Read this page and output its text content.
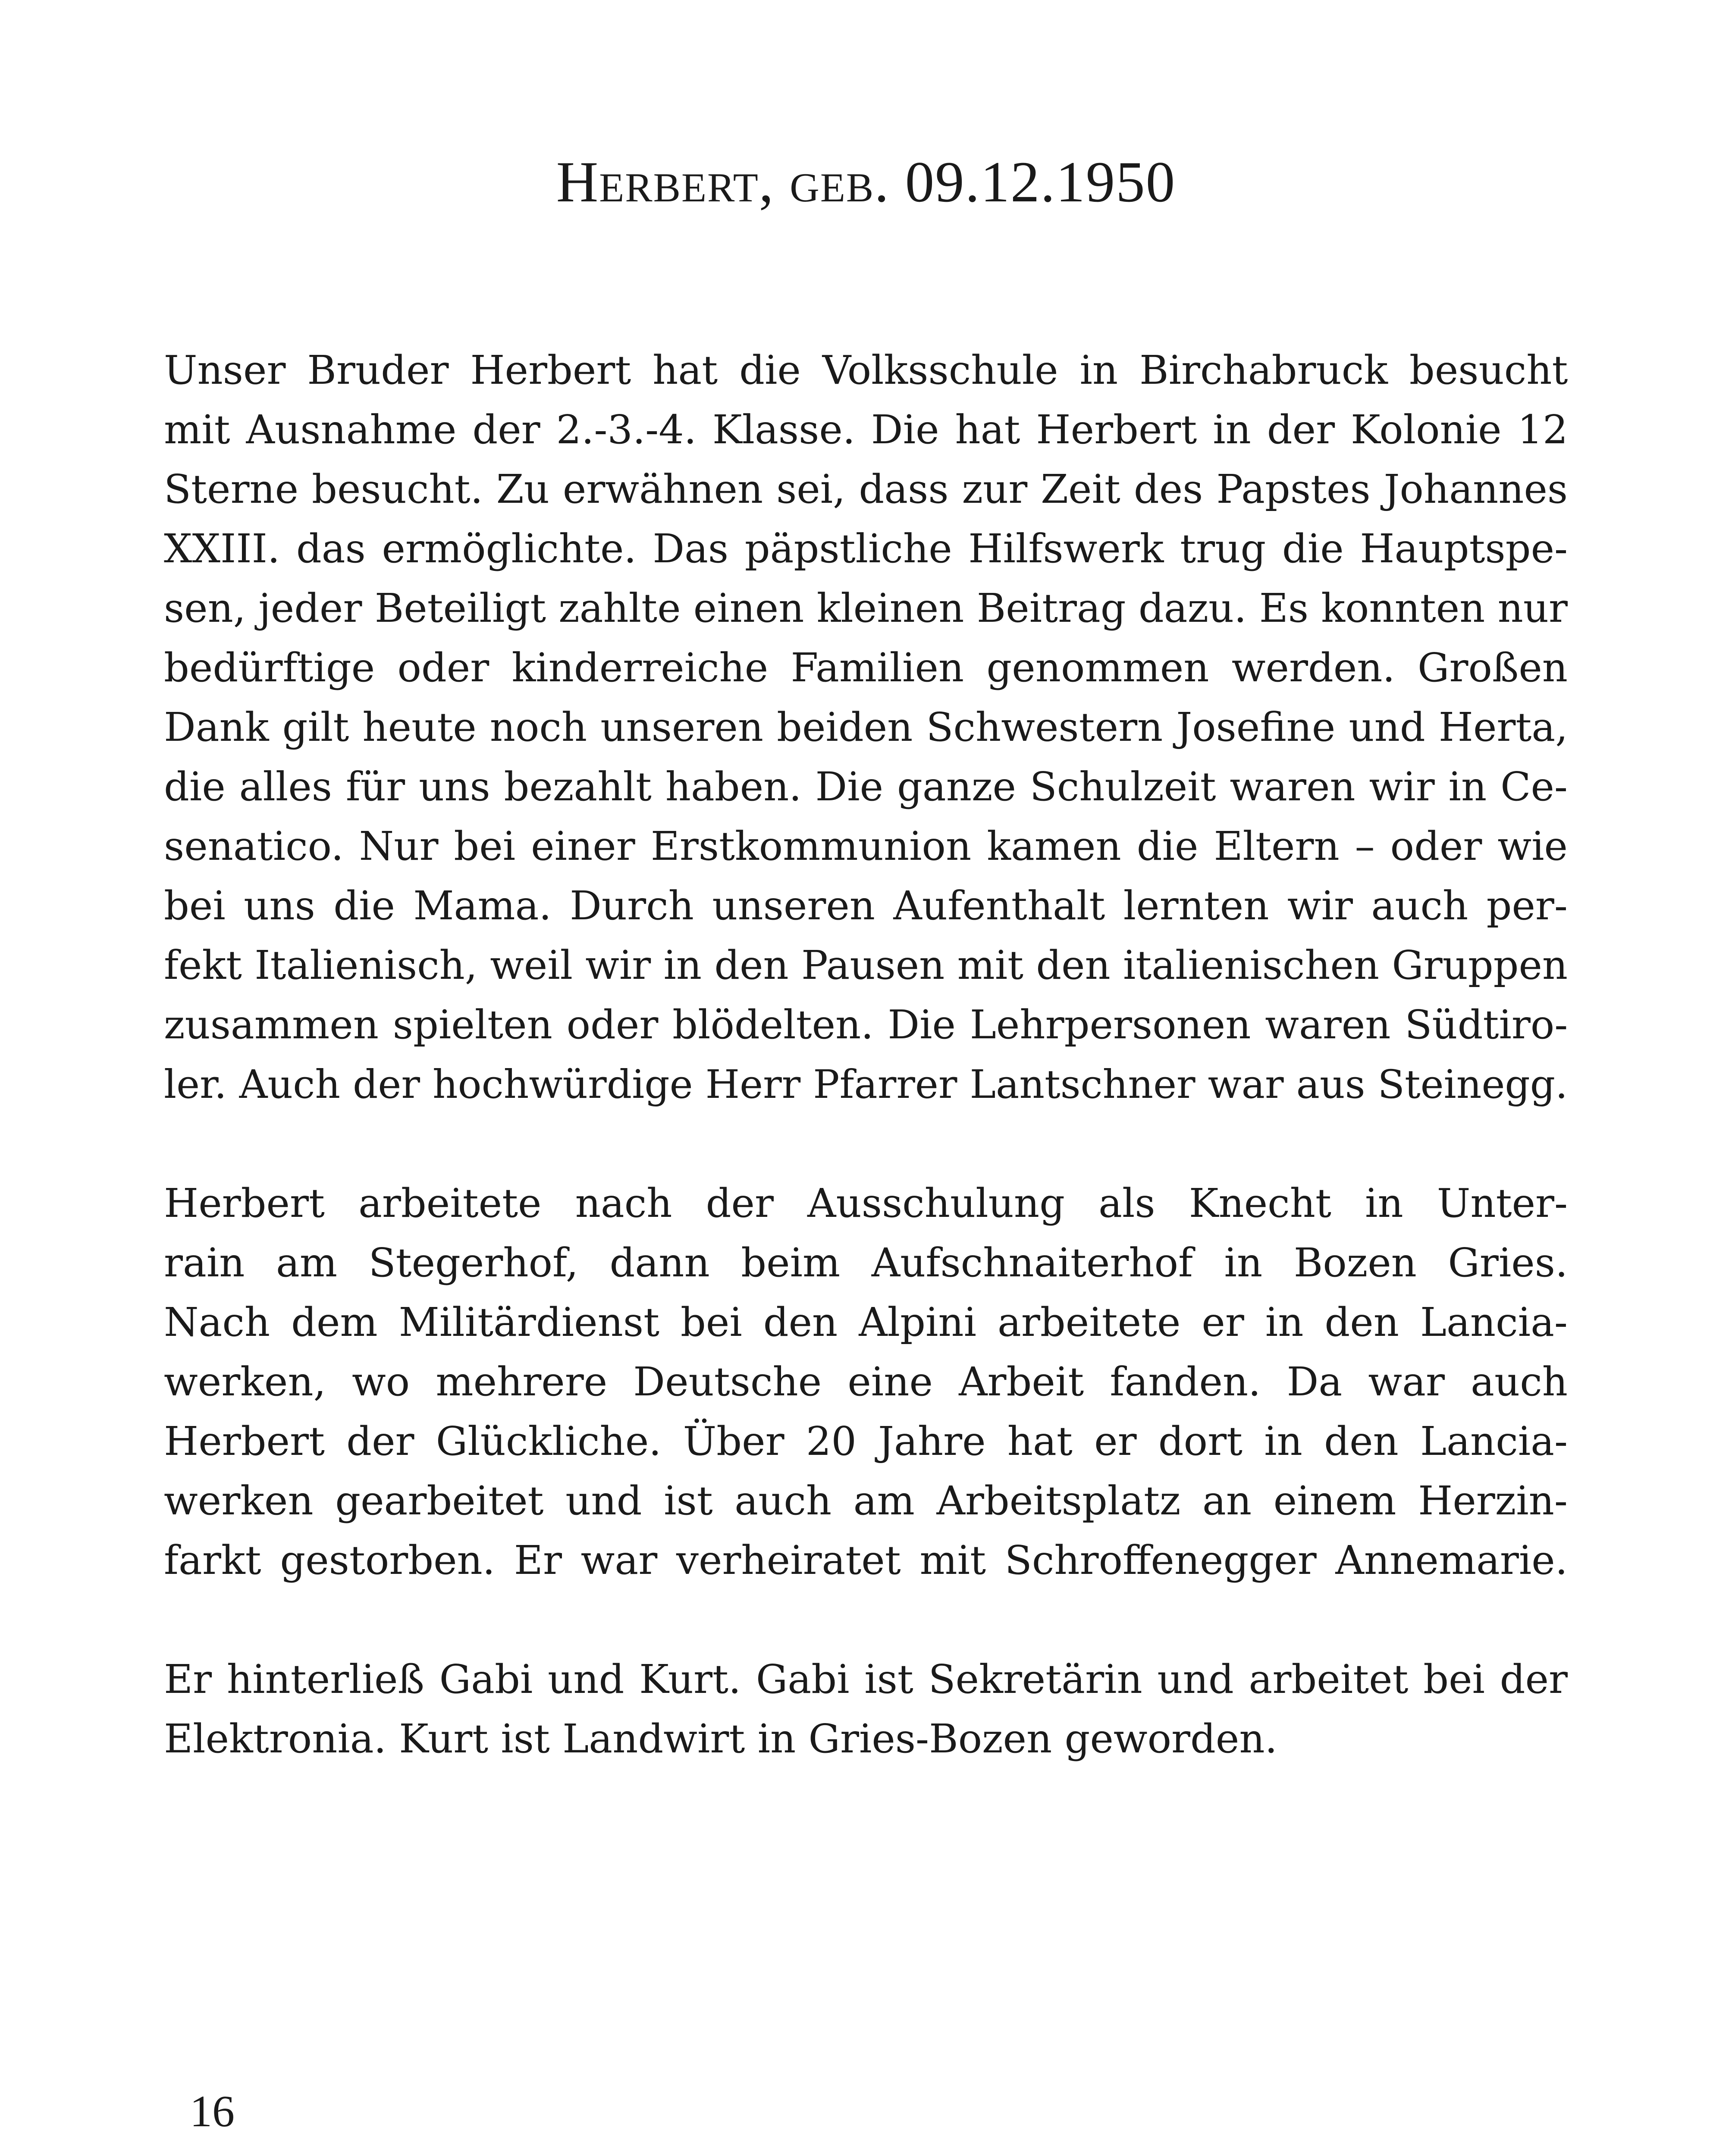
Herbert, geb. 09.12.1950

Unser Bruder Herbert hat die Volksschule in Birchabruck besucht
mit Ausnahme der 2.-3.-4. Klasse. Die hat Herbert in der Kolonie 12
Sterne besucht. Zu erwähnen sei, dass zur Zeit des Papstes Johannes
XXIII. das ermöglichte. Das päpstliche Hilfswerk trug die Hauptspe-
sen, jeder Beteiligt zahlte einen kleinen Beitrag dazu. Es konnten nur
bedürftige oder kinderreiche Familien genommen werden. Großen
Dank gilt heute noch unseren beiden Schwestern Josefine und Herta,
die alles für uns bezahlt haben. Die ganze Schulzeit waren wir in Ce-
senatico. Nur bei einer Erstkommunion kamen die Eltern – oder wie
bei uns die Mama. Durch unseren Aufenthalt lernten wir auch per-
fekt Italienisch, weil wir in den Pausen mit den italienischen Gruppen
zusammen spielten oder blödelten. Die Lehrpersonen waren Südtiro-
ler. Auch der hochwürdige Herr Pfarrer Lantschner war aus Steinegg.

Herbert arbeitete nach der Ausschulung als Knecht in Unter-
rain am Stegerhof, dann beim Aufschnaiterhof in Bozen Gries.
Nach dem Militärdienst bei den Alpini arbeitete er in den Lancia-
werken, wo mehrere Deutsche eine Arbeit fanden. Da war auch
Herbert der Glückliche. Über 20 Jahre hat er dort in den Lancia-
werken gearbeitet und ist auch am Arbeitsplatz an einem Herzin-
farkt gestorben. Er war verheiratet mit Schroffenegger Annemarie.

Er hinterließ Gabi und Kurt. Gabi ist Sekretärin und arbeitet bei der
Elektronia. Kurt ist Landwirt in Gries-Bozen geworden.

16
